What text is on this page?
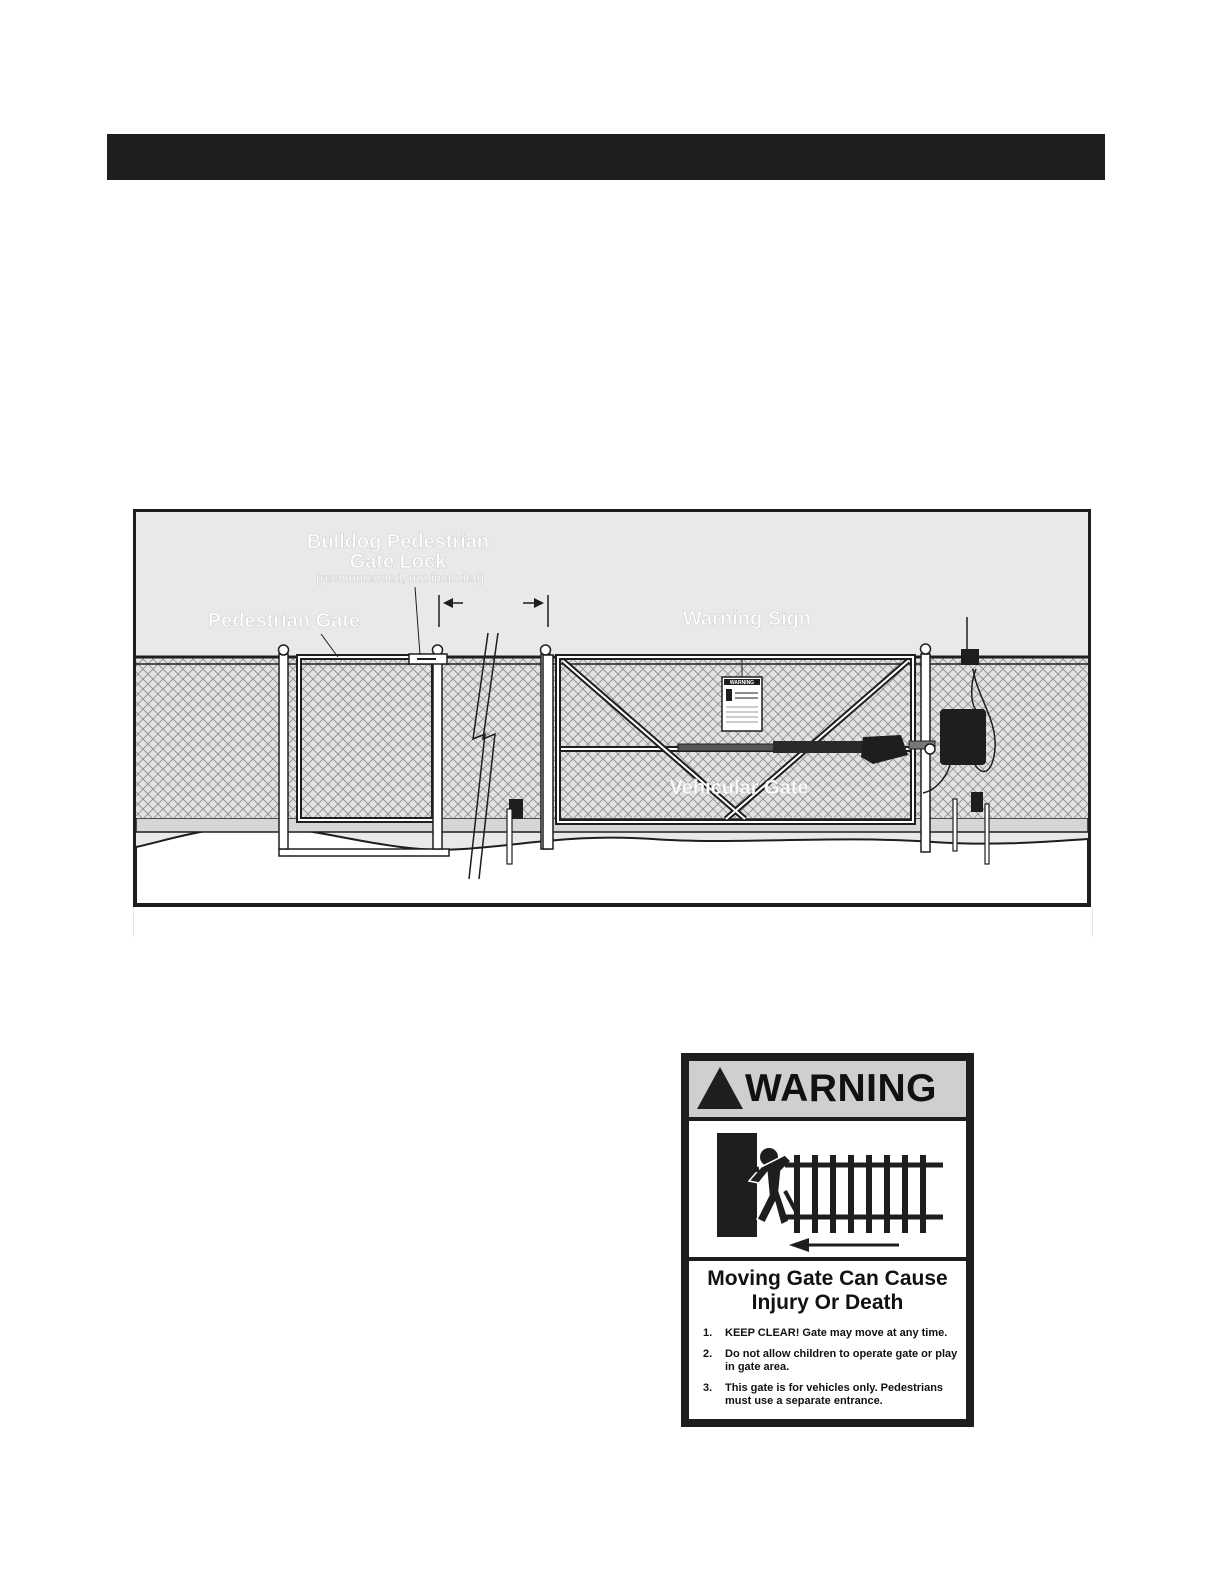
WARNING
Bulldog Pedestrian
Gate Lock
(recommended, not included)
Pedestrian Gate	Warning Sign
Vehicular Gate
WARNING
Moving Gate Can Cause
Injury Or Death
1.	KEEP CLEAR! Gate may move at any time.
2.	Do not allow children to operate gate or play in gate area.
3.	This gate is for vehicles only. Pedestrians must use a separate entrance.
